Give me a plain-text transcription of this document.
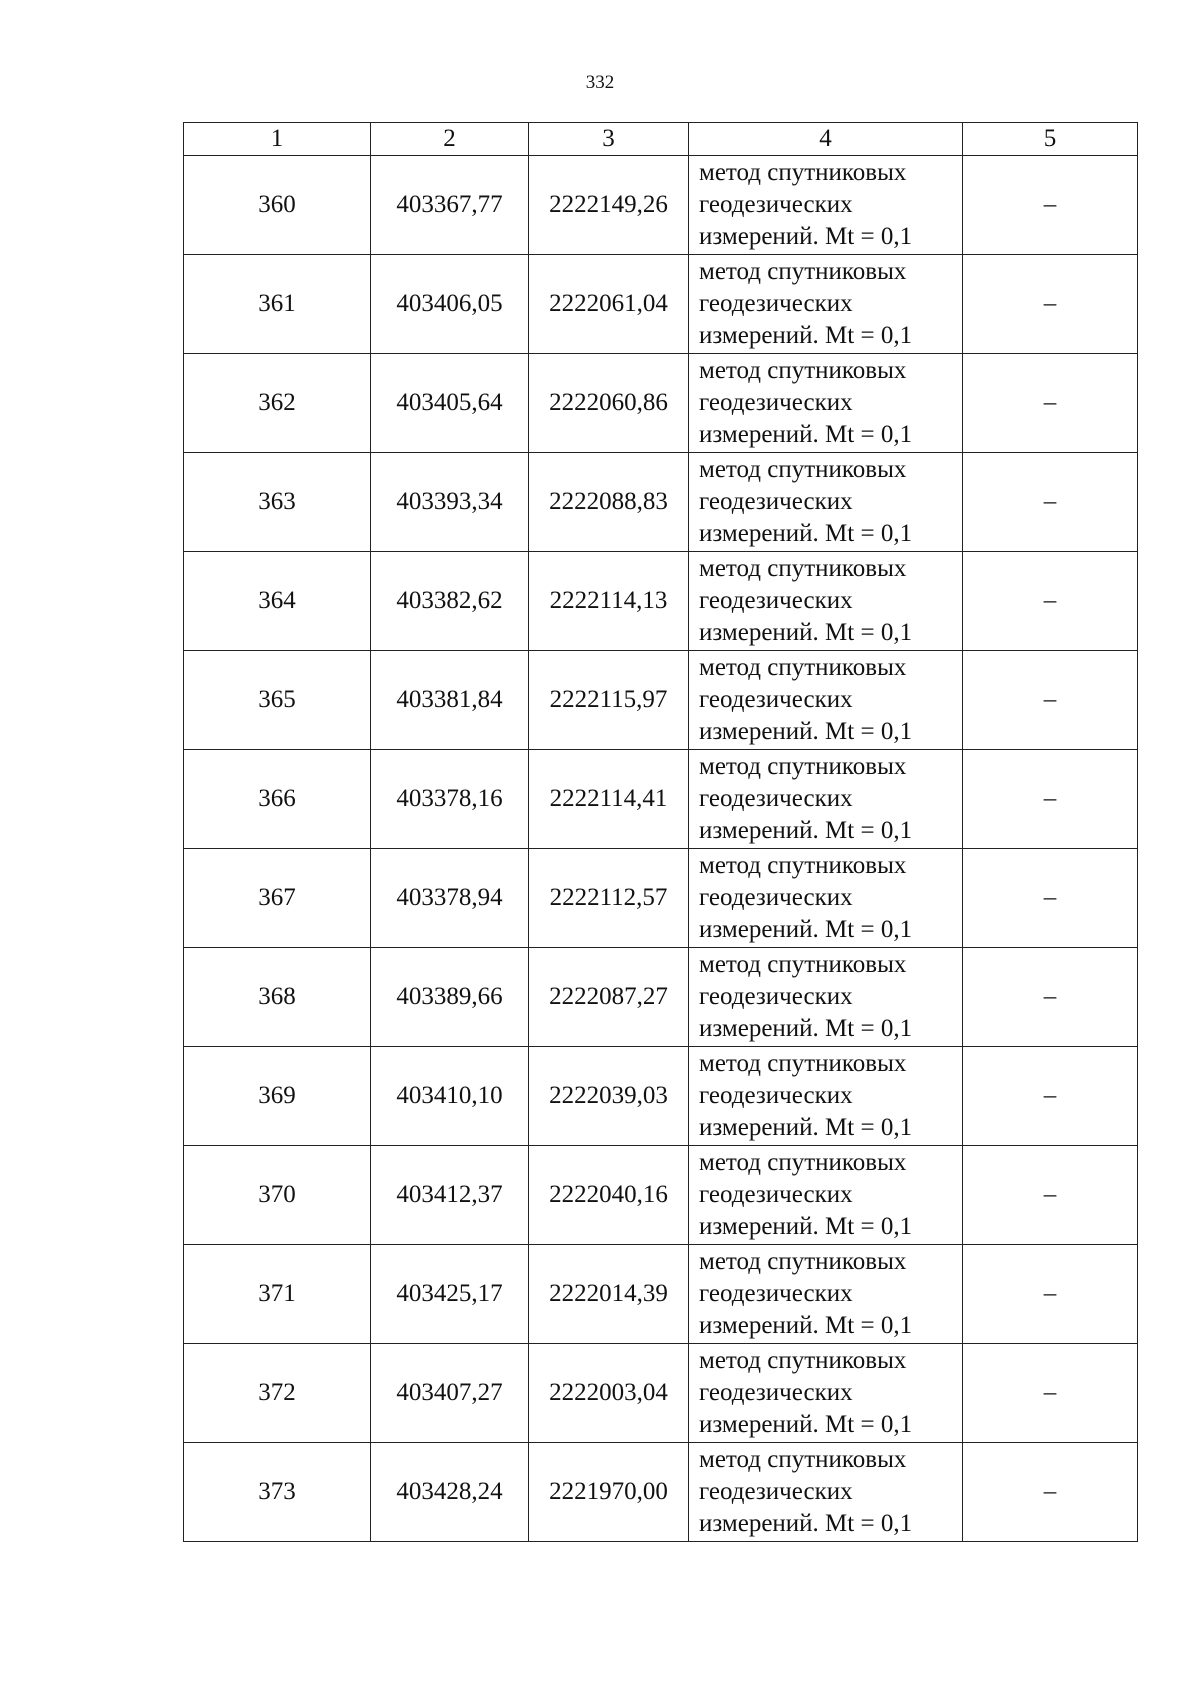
332
1	2	3	4	5
360	403367,77	2222149,26	метод спутниковых
геодезических
измерений. Mt = 0,1	–
361	403406,05	2222061,04	метод спутниковых
геодезических
измерений. Mt = 0,1	–
362	403405,64	2222060,86	метод спутниковых
геодезических
измерений. Mt = 0,1	–
363	403393,34	2222088,83	метод спутниковых
геодезических
измерений. Mt = 0,1	–
364	403382,62	2222114,13	метод спутниковых
геодезических
измерений. Mt = 0,1	–
365	403381,84	2222115,97	метод спутниковых
геодезических
измерений. Mt = 0,1	–
366	403378,16	2222114,41	метод спутниковых
геодезических
измерений. Mt = 0,1	–
367	403378,94	2222112,57	метод спутниковых
геодезических
измерений. Mt = 0,1	–
368	403389,66	2222087,27	метод спутниковых
геодезических
измерений. Mt = 0,1	–
369	403410,10	2222039,03	метод спутниковых
геодезических
измерений. Mt = 0,1	–
370	403412,37	2222040,16	метод спутниковых
геодезических
измерений. Mt = 0,1	–
371	403425,17	2222014,39	метод спутниковых
геодезических
измерений. Mt = 0,1	–
372	403407,27	2222003,04	метод спутниковых
геодезических
измерений. Mt = 0,1	–
373	403428,24	2221970,00	метод спутниковых
геодезических
измерений. Mt = 0,1	–
